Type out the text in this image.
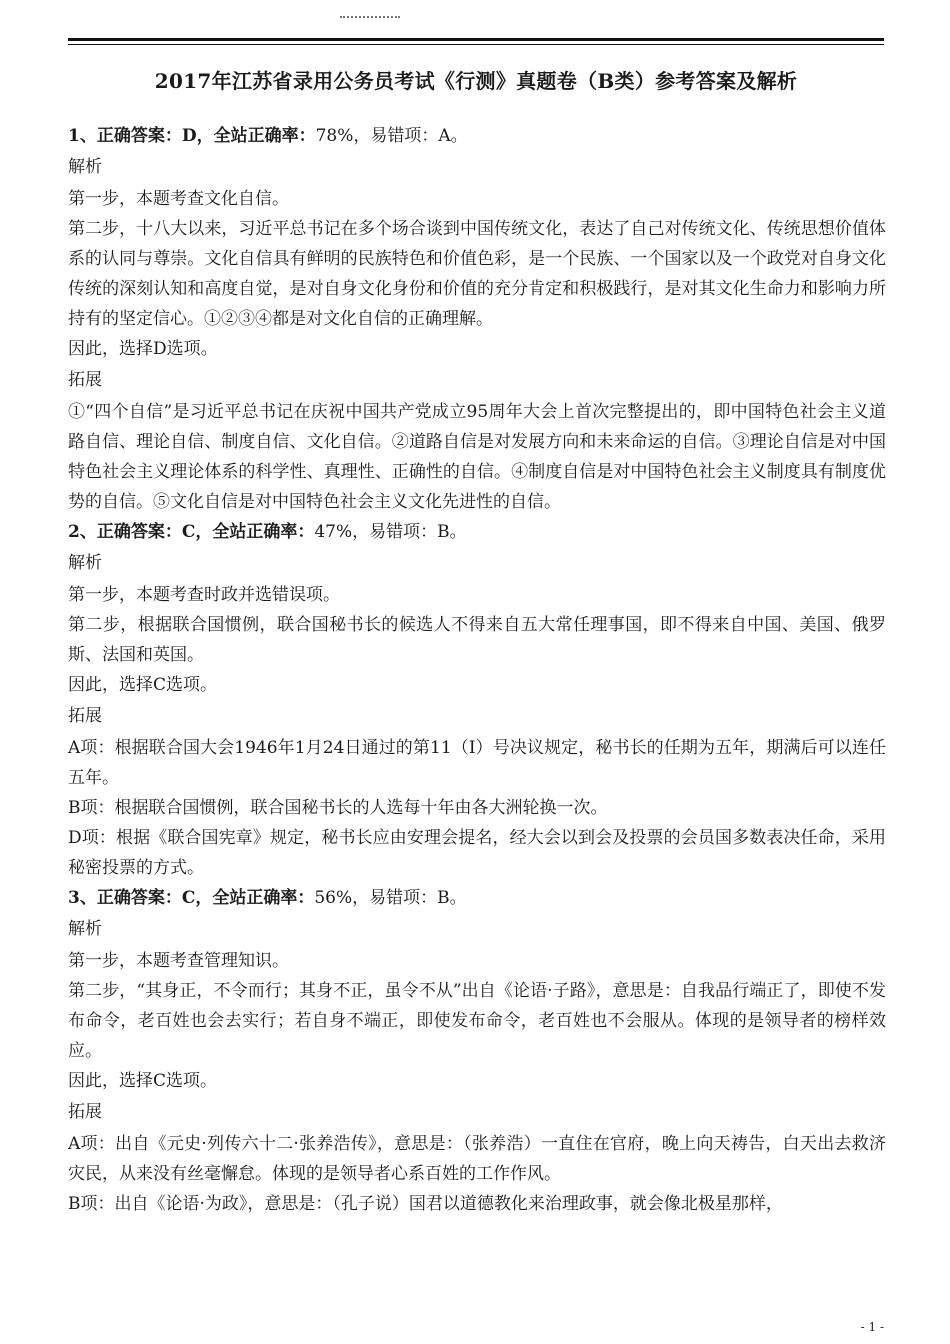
2017年江苏省录用公务员考试《行测》真题卷（B类）参考答案及解析

1、正确答案：D，全站正确率：78%，易错项：A。

解析

第一步，本题考查文化自信。

第二步，十八大以来，习近平总书记在多个场合谈到中国传统文化，表达了自己对传统文化、传统思想价值体系的认同与尊崇。文化自信具有鲜明的民族特色和价值色彩，是一个民族、一个国家以及一个政党对自身文化传统的深刻认知和高度自觉，是对自身文化身份和价值的充分肯定和积极践行，是对其文化生命力和影响力所持有的坚定信心。①②③④都是对文化自信的正确理解。

因此，选择D选项。

拓展

①“四个自信”是习近平总书记在庆祝中国共产党成立95周年大会上首次完整提出的，即中国特色社会主义道路自信、理论自信、制度自信、文化自信。②道路自信是对发展方向和未来命运的自信。③理论自信是对中国特色社会主义理论体系的科学性、真理性、正确性的自信。④制度自信是对中国特色社会主义制度具有制度优势的自信。⑤文化自信是对中国特色社会主义文化先进性的自信。

2、正确答案：C，全站正确率：47%，易错项：B。

解析

第一步，本题考查时政并选错误项。

第二步，根据联合国惯例，联合国秘书长的候选人不得来自五大常任理事国，即不得来自中国、美国、俄罗斯、法国和英国。

因此，选择C选项。

拓展

A项：根据联合国大会1946年1月24日通过的第11（I）号决议规定，秘书长的任期为五年，期满后可以连任五年。

B项：根据联合国惯例，联合国秘书长的人选每十年由各大洲轮换一次。

D项：根据《联合国宪章》规定，秘书长应由安理会提名，经大会以到会及投票的会员国多数表决任命，采用秘密投票的方式。

3、正确答案：C，全站正确率：56%，易错项：B。

解析

第一步，本题考查管理知识。

第二步，“其身正，不令而行；其身不正，虽令不从”出自《论语·子路》，意思是：自我品行端正了，即使不发布命令，老百姓也会去实行；若自身不端正，即使发布命令，老百姓也不会服从。体现的是领导者的榜样效应。

因此，选择C选项。

拓展

A项：出自《元史·列传六十二·张养浩传》，意思是：（张养浩）一直住在官府，晚上向天祷告，白天出去救济灾民，从来没有丝毫懈怠。体现的是领导者心系百姓的工作作风。

B项：出自《论语·为政》，意思是：（孔子说）国君以道德教化来治理政事，就会像北极星那样，

- 1 -
